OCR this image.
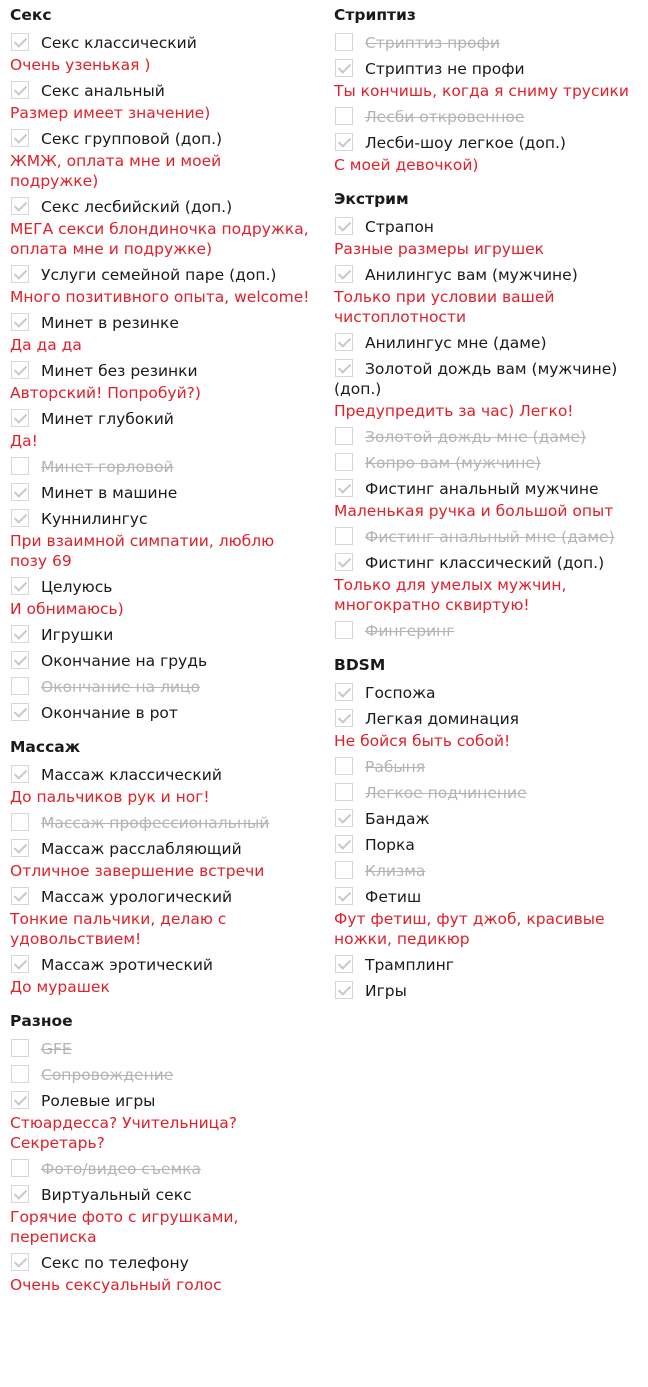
Секс
Секс классический
Очень узенькая )
Секс анальный
Размер имеет значение)
Секс групповой (доп.)
ЖМЖ, оплата мне и моей подружке)
Секс лесбийский (доп.)
МЕГА секси блондиночка подружка, оплата мне и подружке)
Услуги семейной паре (доп.)
Много позитивного опыта, welcome!
Минет в резинке
Да да да
Минет без резинки
Авторский! Попробуй?)
Минет глубокий
Да!
Минет горловой
Минет в машине
Куннилингус
При взаимной симпатии, люблю позу 69
Целуюсь
И обнимаюсь)
Игрушки
Окончание на грудь
Окончание на лицо
Окончание в рот
Массаж
Массаж классический
До пальчиков рук и ног!
Массаж профессиональный
Массаж расслабляющий
Отличное завершение встречи
Массаж урологический
Тонкие пальчики, делаю с удовольствием!
Массаж эротический
До мурашек
Разное
GFE
Сопровождение
Ролевые игры
Стюардесса? Учительница? Секретарь?
Фото/видео съемка
Виртуальный секс
Горячие фото с игрушками, переписка
Секс по телефону
Очень сексуальный голос
Стриптиз
Стриптиз профи
Стриптиз не профи
Ты кончишь, когда я сниму трусики
Лесби откровенное
Лесби-шоу легкое (доп.)
С моей девочкой)
Экстрим
Страпон
Разные размеры игрушек
Анилингус вам (мужчине)
Только при условии вашей чистоплотности
Анилингус мне (даме)
Золотой дождь вам (мужчине) (доп.)
Предупредить за час) Легко!
Золотой дождь мне (даме)
Копро вам (мужчине)
Фистинг анальный мужчине
Маленькая ручка и большой опыт
Фистинг анальный мне (даме)
Фистинг классический (доп.)
Только для умелых мужчин, многократно сквиртую!
Фингеринг
BDSM
Госпожа
Легкая доминация
Не бойся быть собой!
Рабыня
Легкое подчинение
Бандаж
Порка
Клизма
Фетиш
Фут фетиш, фут джоб, красивые ножки, педикюр
Трамплинг
Игры
